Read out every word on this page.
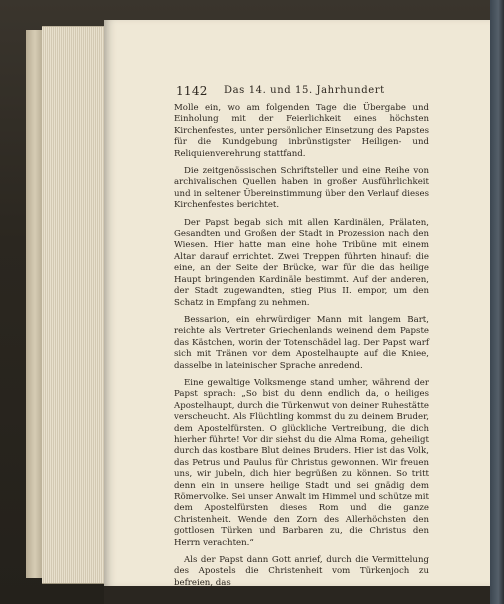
1142 Das 14. und 15. Jahrhundert

Molle ein, wo am folgenden Tage die Übergabe und Einholung mit der Feierlichkeit eines höchsten Kirchenfestes, unter persönlicher Einsetzung des Papstes für die Kundgebung inbrünstigster Heiligen- und Reliquienverehrung stattfand.

Die zeitgenössischen Schriftsteller und eine Reihe von archivalischen Quellen haben in großer Ausführlichkeit und in seltener Übereinstimmung über den Verlauf dieses Kirchenfestes berichtet.

Der Papst begab sich mit allen Kardinälen, Prälaten, Gesandten und Großen der Stadt in Prozession nach den Wiesen. Hier hatte man eine hohe Tribüne mit einem Altar darauf errichtet. Zwei Treppen führten hinauf: die eine, an der Seite der Brücke, war für die das heilige Haupt bringenden Kardinäle bestimmt. Auf der anderen, der Stadt zugewandten, stieg Pius II. empor, um den Schatz in Empfang zu nehmen.

Bessarion, ein ehrwürdiger Mann mit langem Bart, reichte als Vertreter Griechenlands weinend dem Papste das Kästchen, worin der Totenschädel lag. Der Papst warf sich mit Tränen vor dem Apostelhaupte auf die Kniee, dasselbe in lateinischer Sprache anredend.

Eine gewaltige Volksmenge stand umher, während der Papst sprach: „So bist du denn endlich da, o heiliges Apostelhaupt, durch die Türkenwut von deiner Ruhestätte verscheucht. Als Flüchtling kommst du zu deinem Bruder, dem Apostelfürsten. O glückliche Vertreibung, die dich hierher führte! Vor dir siehst du die Alma Roma, geheiligt durch das kostbare Blut deines Bruders. Hier ist das Volk, das Petrus und Paulus für Christus gewonnen. Wir freuen uns, wir jubeln, dich hier begrüßen zu können. So tritt denn ein in unsere heilige Stadt und sei gnädig dem Römervolke. Sei unser Anwalt im Himmel und schütze mit dem Apostelfürsten dieses Rom und die ganze Christenheit. Wende den Zorn des Allerhöchsten den gottlosen Türken und Barbaren zu, die Christus den Herrn verachten.“

Als der Papst dann Gott anrief, durch die Vermittelung des Apostels die Christenheit vom Türkenjoch zu befreien, das
